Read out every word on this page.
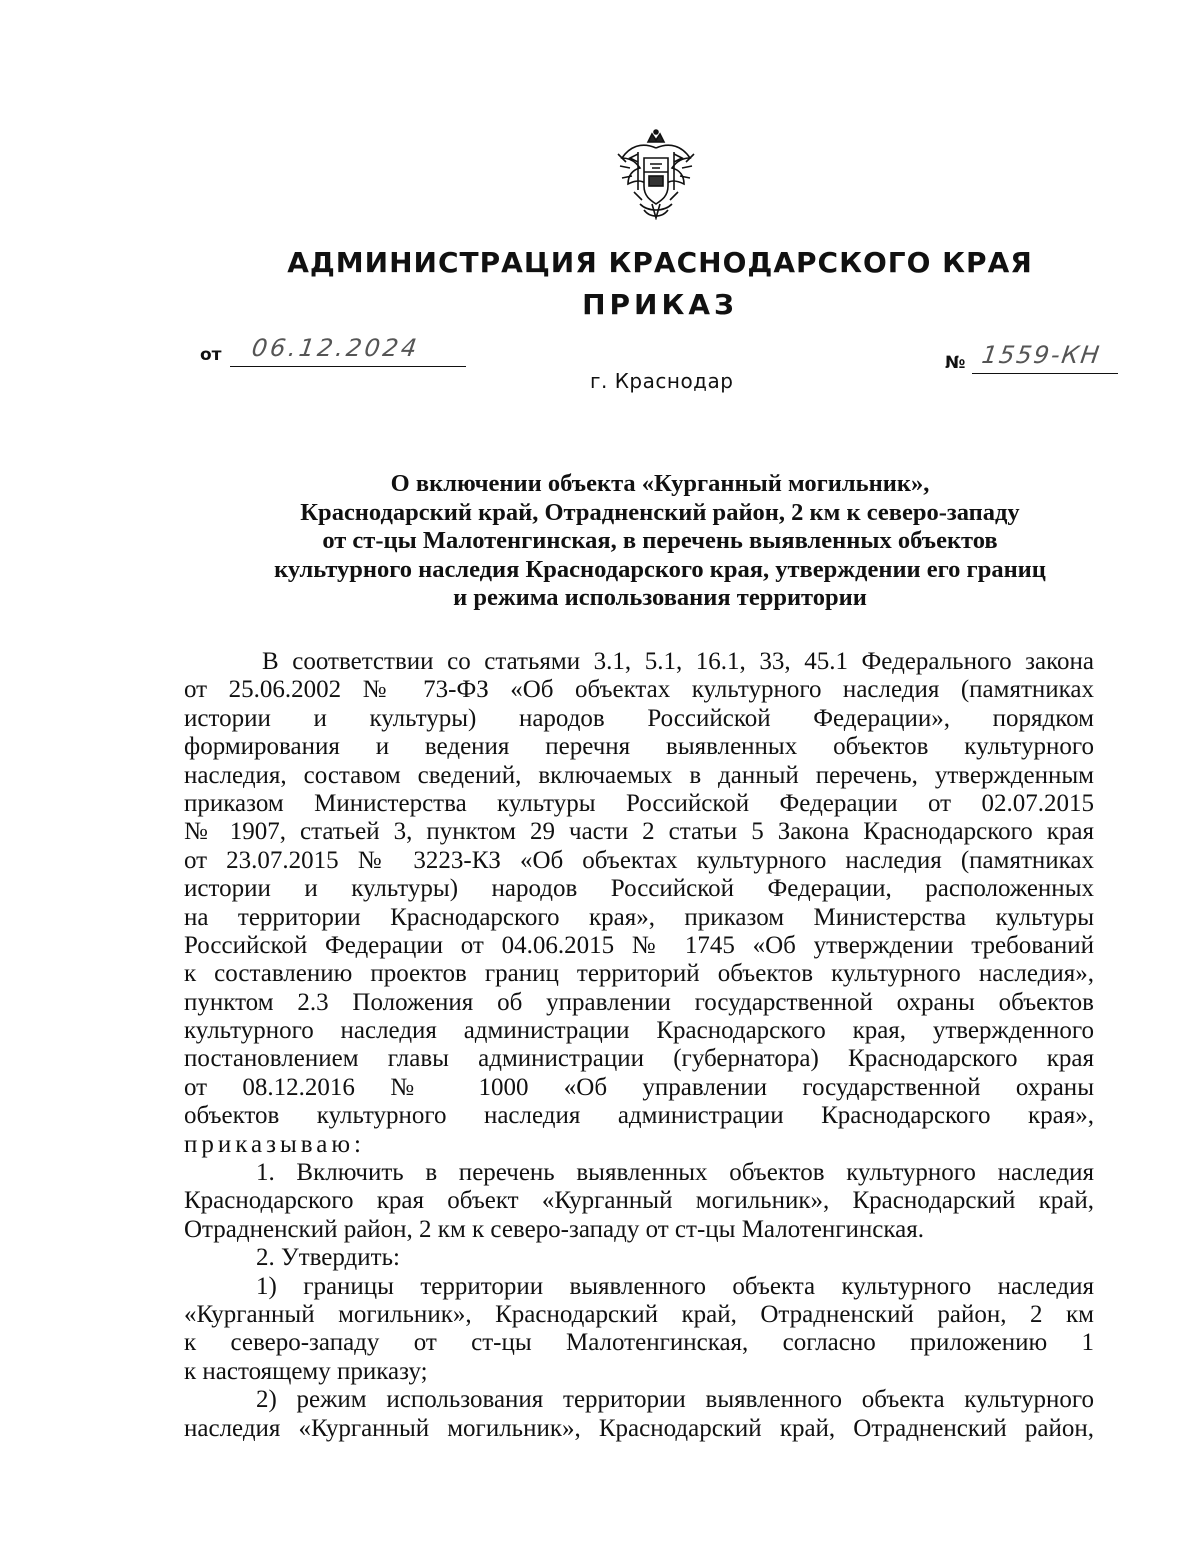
АДМИНИСТРАЦИЯ КРАСНОДАРСКОГО КРАЯ
ПРИКАЗ
от 06.12.2024
№ 1559-КН
г. Краснодар
О включении объекта «Курганный могильник»,
Краснодарский край, Отрадненский район, 2 км к северо-западу
от ст-цы Малотенгинская, в перечень выявленных объектов
культурного наследия Краснодарского края, утверждении его границ
и режима использования территории
В соответствии со статьями 3.1, 5.1, 16.1, 33, 45.1 Федерального закона
от 25.06.2002 № 73-ФЗ «Об объектах культурного наследия (памятниках
истории и культуры) народов Российской Федерации», порядком
формирования и ведения перечня выявленных объектов культурного
наследия, составом сведений, включаемых в данный перечень, утвержденным
приказом Министерства культуры Российской Федерации от 02.07.2015
№ 1907, статьей 3, пунктом 29 части 2 статьи 5 Закона Краснодарского края
от 23.07.2015 № 3223-КЗ «Об объектах культурного наследия (памятниках
истории и культуры) народов Российской Федерации, расположенных
на территории Краснодарского края», приказом Министерства культуры
Российской Федерации от 04.06.2015 № 1745 «Об утверждении требований
к составлению проектов границ территорий объектов культурного наследия»,
пунктом 2.3 Положения об управлении государственной охраны объектов
культурного наследия администрации Краснодарского края, утвержденного
постановлением главы администрации (губернатора) Краснодарского края
от 08.12.2016 № 1000 «Об управлении государственной охраны
объектов культурного наследия администрации Краснодарского края»,
приказываю:
1. Включить в перечень выявленных объектов культурного наследия
Краснодарского края объект «Курганный могильник», Краснодарский край,
Отрадненский район, 2 км к северо-западу от ст-цы Малотенгинская.
2. Утвердить:
1) границы территории выявленного объекта культурного наследия
«Курганный могильник», Краснодарский край, Отрадненский район, 2 км
к северо-западу от ст-цы Малотенгинская, согласно приложению 1
к настоящему приказу;
2) режим использования территории выявленного объекта культурного
наследия «Курганный могильник», Краснодарский край, Отрадненский район,
